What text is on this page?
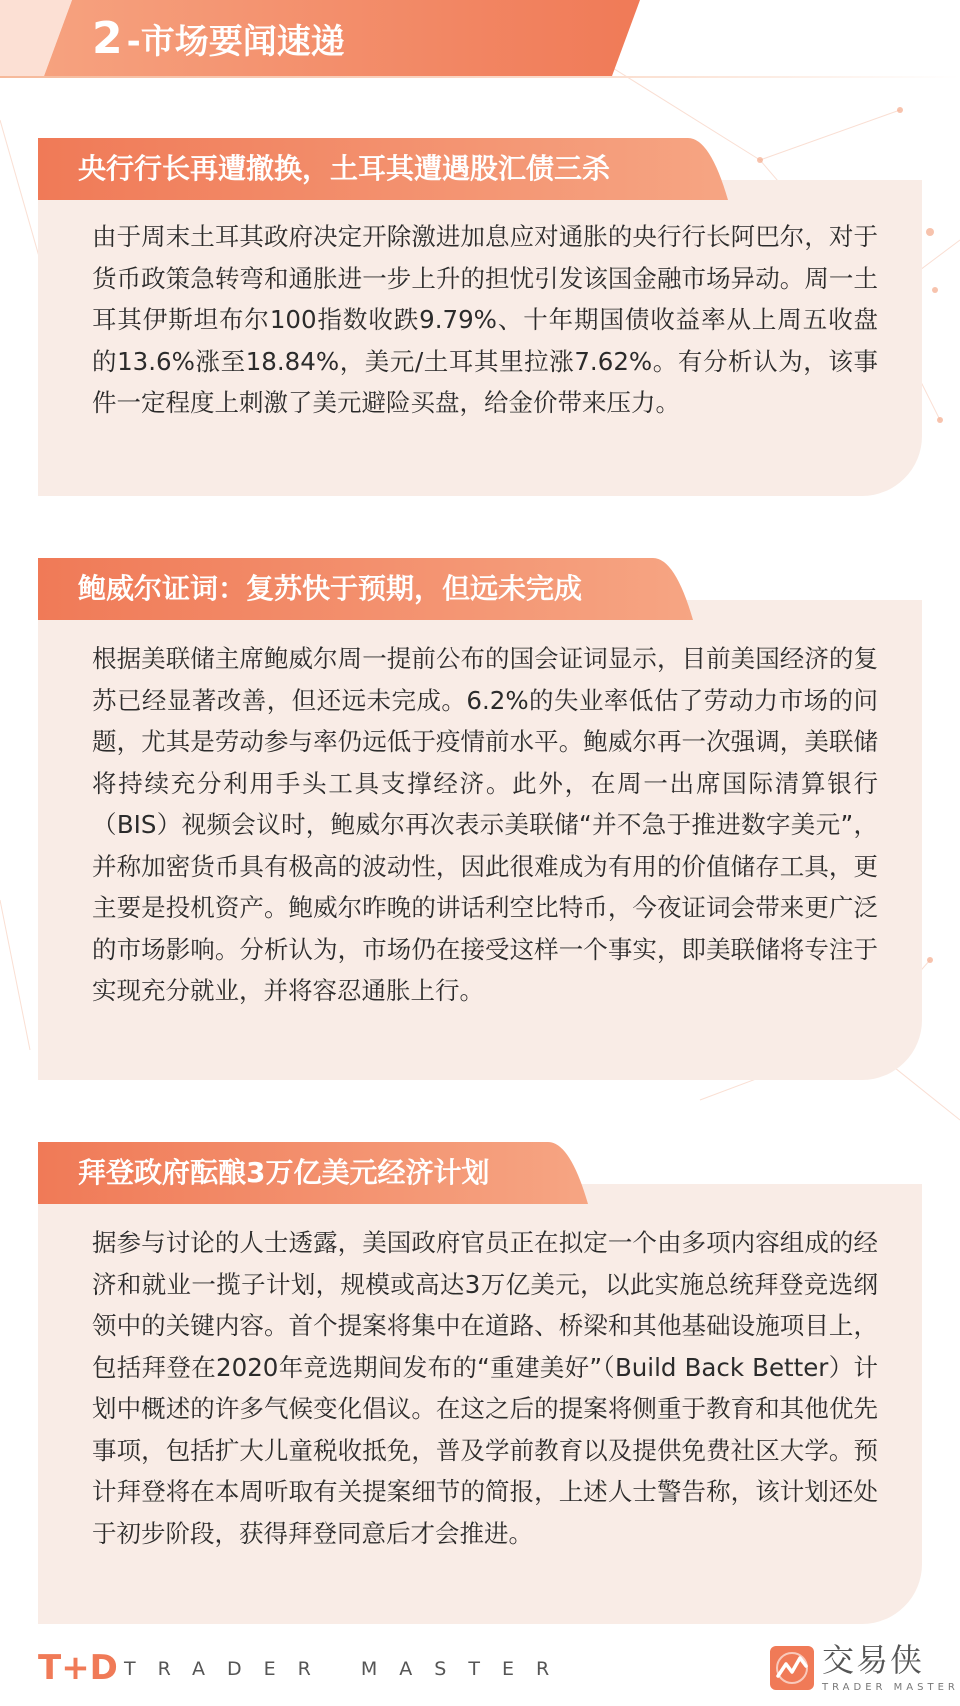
2 -市场要闻速递
央行行长再遭撤换，土耳其遭遇股汇债三杀
由于周末土耳其政府决定开除激进加息应对通胀的央行行长阿巴尔，对于货币政策急转弯和通胀进一步上升的担忧引发该国金融市场异动。周一土耳其伊斯坦布尔100指数收跌9.79%、十年期国债收益率从上周五收盘的13.6%涨至18.84%，美元/土耳其里拉涨7.62%。有分析认为，该事件一定程度上刺激了美元避险买盘，给金价带来压力。
鲍威尔证词：复苏快于预期，但远未完成
根据美联储主席鲍威尔周一提前公布的国会证词显示，目前美国经济的复苏已经显著改善，但还远未完成。6.2%的失业率低估了劳动力市场的问题，尤其是劳动参与率仍远低于疫情前水平。鲍威尔再一次强调，美联储将持续充分利用手头工具支撑经济。此外，在周一出席国际清算银行（BIS）视频会议时，鲍威尔再次表示美联储“并不急于推进数字美元”，并称加密货币具有极高的波动性，因此很难成为有用的价值储存工具，更主要是投机资产。鲍威尔昨晚的讲话利空比特币，今夜证词会带来更广泛的市场影响。分析认为，市场仍在接受这样一个事实，即美联储将专注于实现充分就业，并将容忍通胀上行。
拜登政府酝酿3万亿美元经济计划
据参与讨论的人士透露，美国政府官员正在拟定一个由多项内容组成的经济和就业一揽子计划，规模或高达3万亿美元，以此实施总统拜登竞选纲领中的关键内容。首个提案将集中在道路、桥梁和其他基础设施项目上，包括拜登在2020年竞选期间发布的“重建美好”（Build Back Better）计划中概述的许多气候变化倡议。在这之后的提案将侧重于教育和其他优先事项，包括扩大儿童税收抵免，普及学前教育以及提供免费社区大学。预计拜登将在本周听取有关提案细节的简报，上述人士警告称，该计划还处于初步阶段，获得拜登同意后才会推进。
T+D TRADER MASTER	交易侠
TRADER MASTER
